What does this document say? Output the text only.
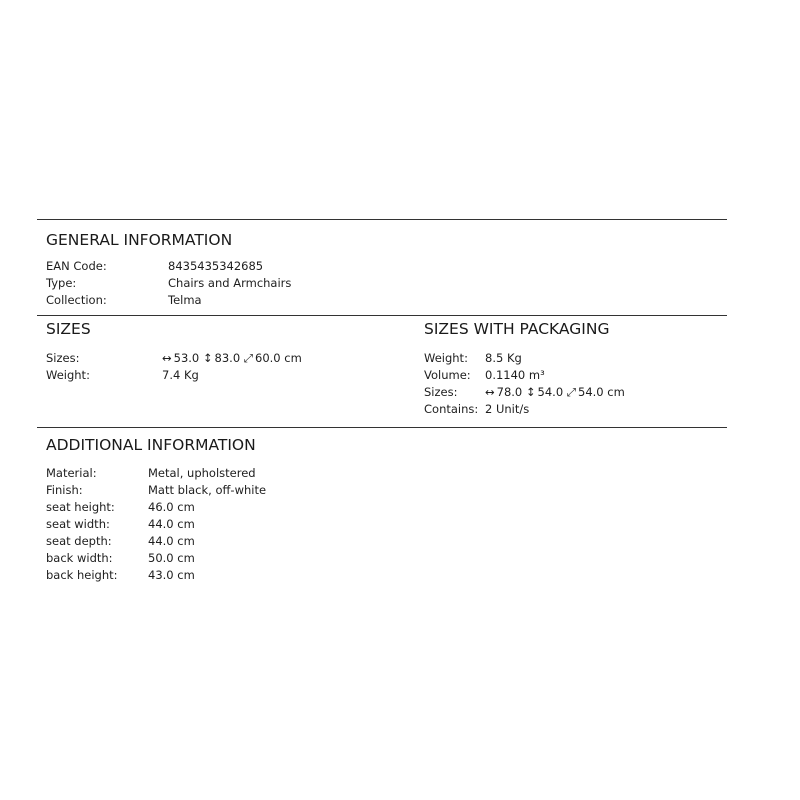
GENERAL INFORMATION
EAN Code:	8435435342685
Type:	Chairs and Armchairs
Collection:	Telma
SIZES
Sizes:	↔ 53.0 ↕ 83.0 ⤢ 60.0 cm
Weight:	7.4 Kg
SIZES WITH PACKAGING
Weight: 8.5 Kg
Volume: 0.1140 m³
Sizes: ↔ 78.0 ↕ 54.0 ⤢ 54.0 cm
Contains: 2 Unit/s
ADDITIONAL INFORMATION
Material:	Metal, upholstered
Finish:	Matt black, off-white
seat height:	46.0 cm
seat width:	44.0 cm
seat depth:	44.0 cm
back width:	50.0 cm
back height:	43.0 cm
